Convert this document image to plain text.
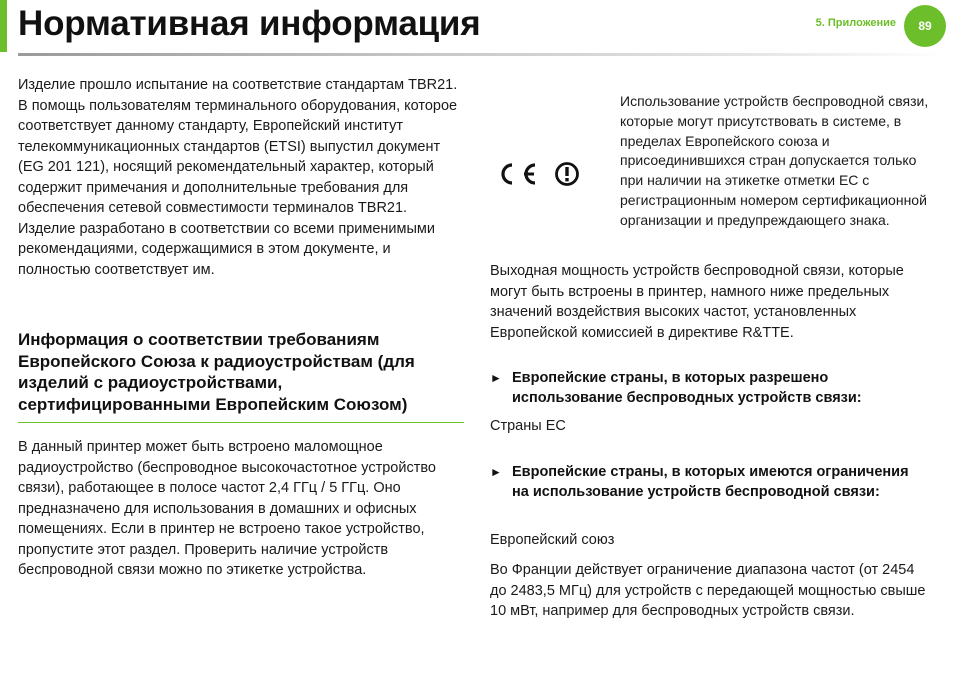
Нормативная информация	5. Приложение	89

Изделие прошло испытание на соответствие стандартам TBR21. В помощь пользователям терминального оборудования, которое соответствует данному стандарту, Европейский институт телекоммуникационных стандартов (ETSI) выпустил документ (EG 201 121), носящий рекомендательный характер, который содержит примечания и дополнительные требования для обеспечения сетевой совместимости терминалов TBR21. Изделие разработано в соответствии со всеми применимыми рекомендациями, содержащимися в этом документе, и полностью соответствует им.

Информация о соответствии требованиям Европейского Союза к радиоустройствам (для изделий с радиоустройствами, сертифицированными Европейским Союзом)

В данный принтер может быть встроено маломощное радиоустройство (беспроводное высокочастотное устройство связи), работающее в полосе частот 2,4 ГГц / 5 ГГц. Оно предназначено для использования в домашних и офисных помещениях. Если в принтер не встроено такое устройство, пропустите этот раздел. Проверить наличие устройств беспроводной связи можно по этикетке устройства.

Использование устройств беспроводной связи, которые могут присутствовать в системе, в пределах Европейского союза и присоединившихся стран допускается только при наличии на этикетке отметки ЕС с регистрационным номером сертификационной организации и предупреждающего знака.

Выходная мощность устройств беспроводной связи, которые могут быть встроены в принтер, намного ниже предельных значений воздействия высоких частот, установленных Европейской комиссией в директиве R&TTE.

► Европейские страны, в которых разрешено использование беспроводных устройств связи:

Страны ЕС

► Европейские страны, в которых имеются ограничения на использование устройств беспроводной связи:

Европейский союз

Во Франции действует ограничение диапазона частот (от 2454 до 2483,5 МГц) для устройств с передающей мощностью свыше 10 мВт, например для беспроводных устройств связи.
